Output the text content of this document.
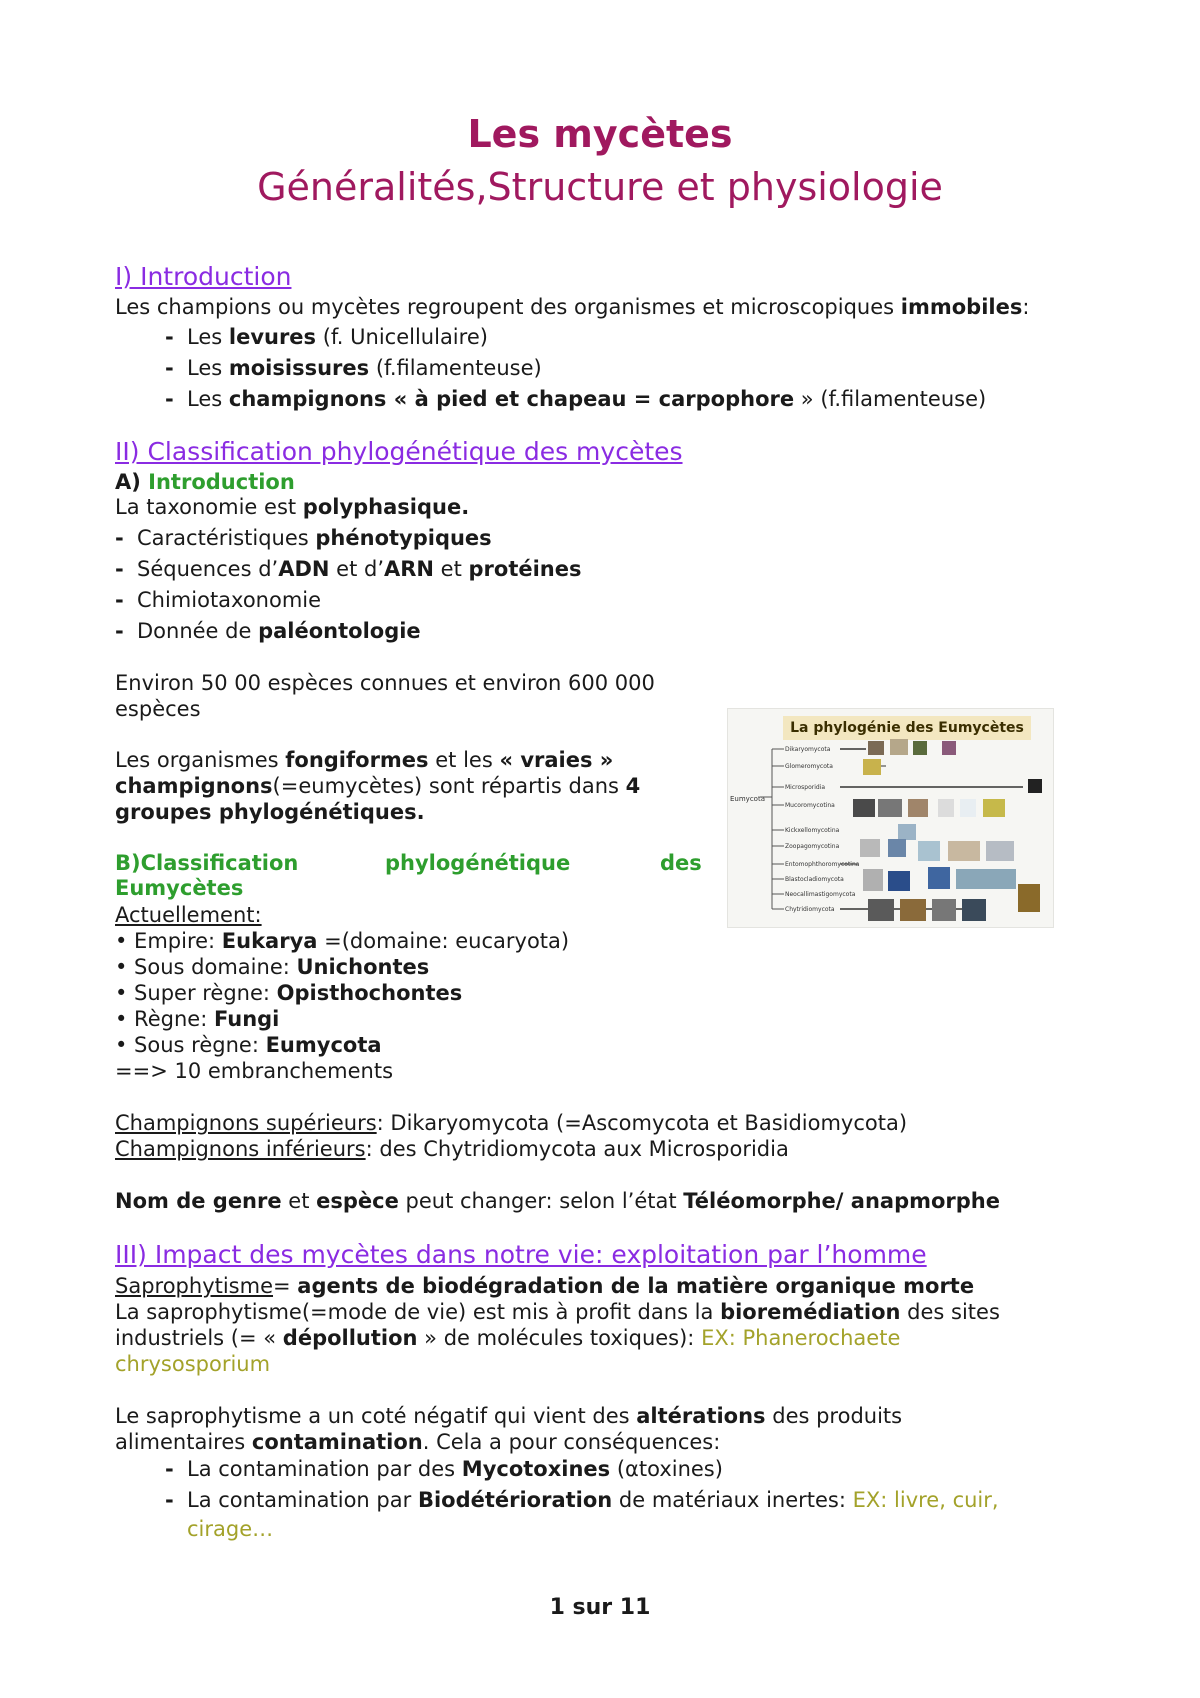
Les mycètes
Généralités,Structure et physiologie
I) Introduction
Les champions ou mycètes regroupent des organismes et microscopiques immobiles:
- Les levures (f. Unicellulaire)
- Les moisissures (f.filamenteuse)
- Les champignons « à pied et chapeau = carpophore » (f.filamenteuse)
II) Classification phylogénétique des mycètes
A) Introduction
La taxonomie est polyphasique.
- Caractéristiques phénotypiques
- Séquences d’ADN et d’ARN et protéines
- Chimiotaxonomie
- Donnée de paléontologie
Environ 50 00 espèces connues et environ 600 000
espèces
Les organismes fongiformes et les « vraies »
champignons(=eumycètes) sont répartis dans 4
groupes phylogénétiques.
B)Classification	phylogénétique	des
Eumycètes
Actuellement:
• Empire: Eukarya =(domaine: eucaryota)
• Sous domaine: Unichontes
• Super règne: Opisthochontes
• Règne: Fungi
• Sous règne: Eumycota
==> 10 embranchements
Champignons supérieurs: Dikaryomycota (=Ascomycota et Basidiomycota)
Champignons inférieurs: des Chytridiomycota aux Microsporidia
Nom de genre et espèce peut changer: selon l’état Téléomorphe/ anapmorphe
La phylogénie des Eumycètes
Eumycota
Dikaryomycota
Glomeromycota
Microsporidia
Mucoromycotina
Kickxellomycotina
Zoopagomycotina
Entomophthoromycotina
Blastocladiomycota
Neocallimastigomycota
Chytridiomycota
III) Impact des mycètes dans notre vie: exploitation par l’homme
Saprophytisme= agents de biodégradation de la matière organique morte
La saprophytisme(=mode de vie) est mis à profit dans la bioremédiation des sites
industriels (= « dépollution » de molécules toxiques): EX: Phanerochaete
chrysosporium
Le saprophytisme a un coté négatif qui vient des altérations des produits
alimentaires contamination. Cela a pour conséquences:
- La contamination par des Mycotoxines (αtoxines)
- La contamination par Biodétérioration de matériaux inertes: EX: livre, cuir,
cirage…
1 sur 11
